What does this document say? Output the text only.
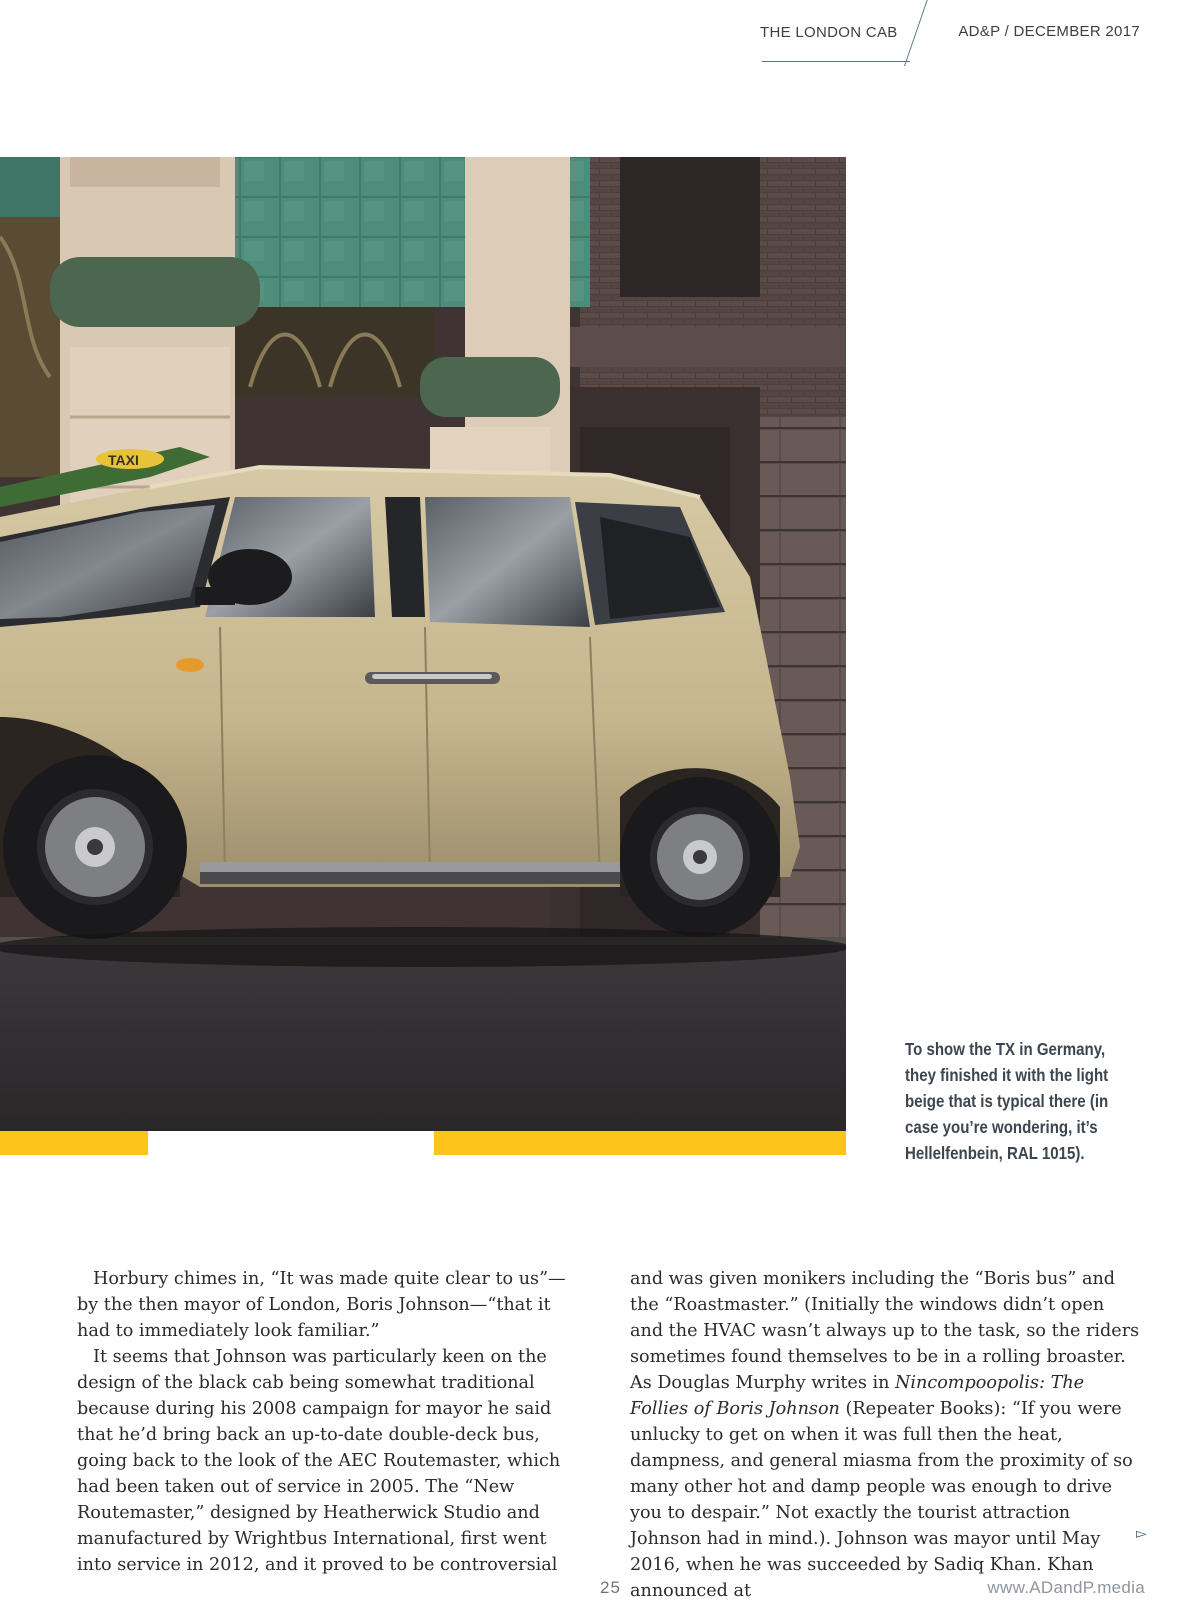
THE LONDON CAB	AD&P / DECEMBER 2017
TAXI
To show the TX in Germany, they finished it with the light beige that is typical there (in case you’re wondering, it’s Hellelfenbein, RAL 1015).

Horbury chimes in, “It was made quite clear to us”—by the then mayor of London, Boris Johnson—“that it had to immediately look familiar.”

It seems that Johnson was particularly keen on the design of the black cab being somewhat traditional because during his 2008 campaign for mayor he said that he’d bring back an up-to-date double-deck bus, going back to the look of the AEC Routemaster, which had been taken out of service in 2005. The “New Routemaster,” designed by Heatherwick Studio and manufactured by Wrightbus International, first went into service in 2012, and it proved to be controversial

and was given monikers including the “Boris bus” and the “Roastmaster.” (Initially the windows didn’t open and the HVAC wasn’t always up to the task, so the riders sometimes found themselves to be in a rolling broaster. As Douglas Murphy writes in Nincompoopolis: The Follies of Boris Johnson (Repeater Books): “If you were unlucky to get on when it was full then the heat, dampness, and general miasma from the proximity of so many other hot and damp people was enough to drive you to despair.” Not exactly the tourist attraction Johnson had in mind.). Johnson was mayor until May 2016, when he was succeeded by Sadiq Khan. Khan announced at

▻
25	www.ADandP.media
